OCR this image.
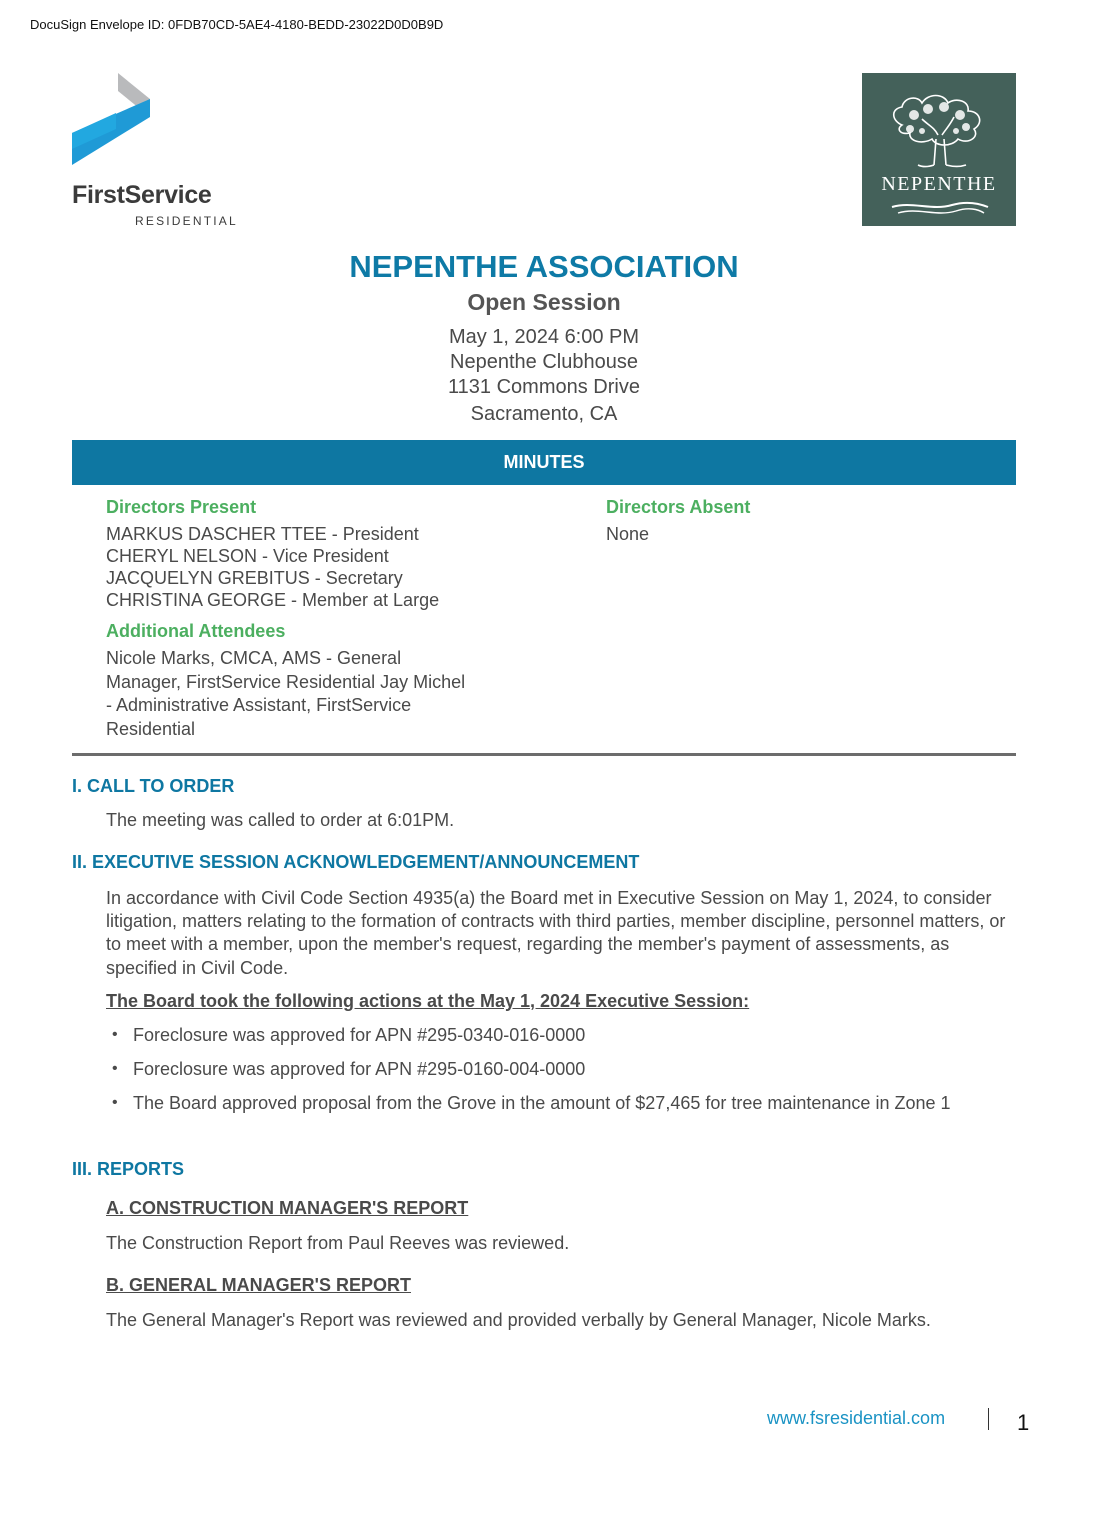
DocuSign Envelope ID: 0FDB70CD-5AE4-4180-BEDD-23022D0D0B9D
FirstService
RESIDENTIAL
NEPENTHE
NEPENTHE ASSOCIATION
Open Session
May 1, 2024 6:00 PM
Nepenthe Clubhouse
1131 Commons Drive
Sacramento, CA
MINUTES
Directors Present
MARKUS DASCHER TTEE - President
CHERYL NELSON - Vice President
JACQUELYN GREBITUS - Secretary
CHRISTINA GEORGE - Member at Large
Directors Absent
None
Additional Attendees
Nicole Marks, CMCA, AMS - General Manager, FirstService Residential Jay Michel - Administrative Assistant, FirstService Residential
I. CALL TO ORDER
The meeting was called to order at 6:01PM.
II. EXECUTIVE SESSION ACKNOWLEDGEMENT/ANNOUNCEMENT
In accordance with Civil Code Section 4935(a) the Board met in Executive Session on May 1, 2024, to consider litigation, matters relating to the formation of contracts with third parties, member discipline, personnel matters, or to meet with a member, upon the member's request, regarding the member's payment of assessments, as specified in Civil Code.
The Board took the following actions at the May 1, 2024 Executive Session:
• Foreclosure was approved for APN #295-0340-016-0000
• Foreclosure was approved for APN #295-0160-004-0000
• The Board approved proposal from the Grove in the amount of $27,465 for tree maintenance in Zone 1
III. REPORTS
A. CONSTRUCTION MANAGER'S REPORT
The Construction Report from Paul Reeves was reviewed.
B. GENERAL MANAGER'S REPORT
The General Manager's Report was reviewed and provided verbally by General Manager, Nicole Marks.
www.fsresidential.com	1
